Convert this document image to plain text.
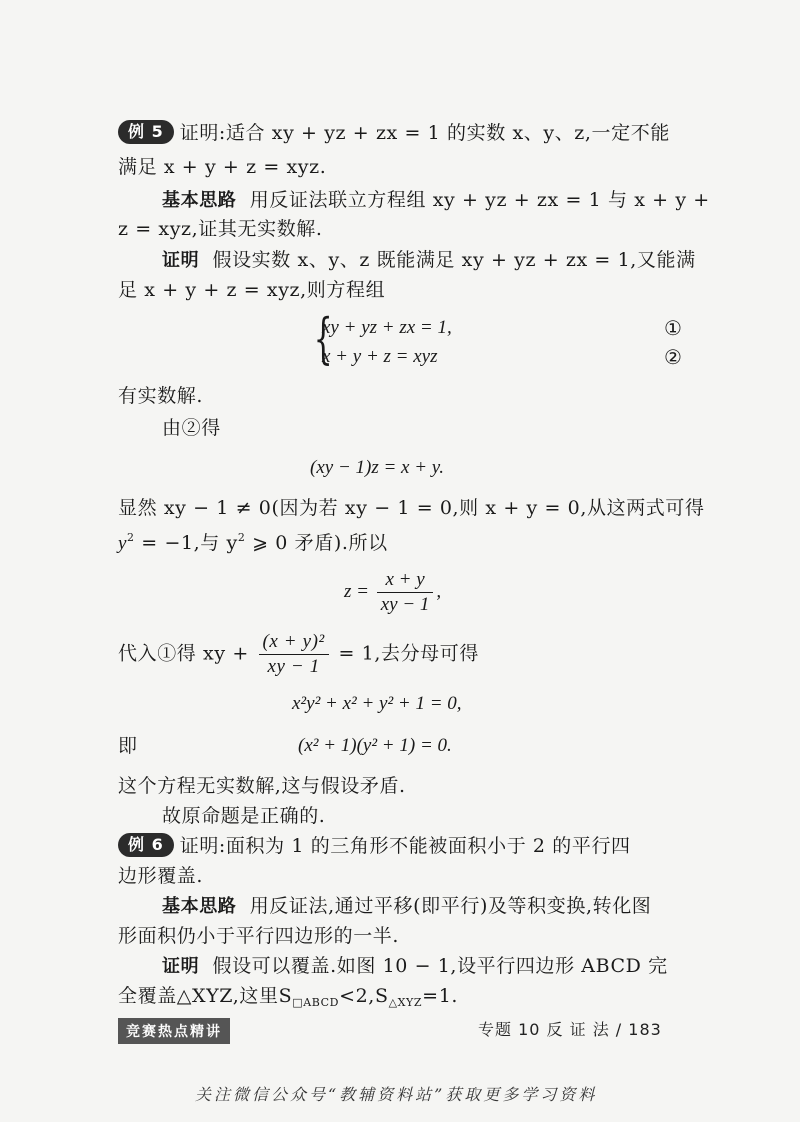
例 5 证明:适合 xy + yz + zx = 1 的实数 x、y、z,一定不能
满足 x + y + z = xyz.
基本思路 用反证法联立方程组 xy + yz + zx = 1 与 x + y +
z = xyz,证其无实数解.
证明 假设实数 x、y、z 既能满足 xy + yz + zx = 1,又能满
足 x + y + z = xyz,则方程组
{
xy + yz + zx = 1,	①
x + y + z = xyz	②
有实数解.
由②得
(xy − 1)z = x + y.
显然 xy − 1 ≠ 0(因为若 xy − 1 = 0,则 x + y = 0,从这两式可得
$y^2 = -1$,与 $y^2$ ⩾ 0 矛盾).所以
$z = \frac{x + y}{xy - 1}$ ,
代入①得 xy + $\frac{\text{(x + y)²}}{xy - 1} = 1$,去分母可得
x²y² + x² + y² + 1 = 0,
即	(x² + 1)(y² + 1) = 0.
这个方程无实数解,这与假设矛盾.
故原命题是正确的.
例 6 证明:面积为 1 的三角形不能被面积小于 2 的平行四
边形覆盖.
基本思路 用反证法,通过平移(即平行)及等积变换,转化图
形面积仍小于平行四边形的一半.
证明 假设可以覆盖.如图 10 − 1,设平行四边形 ABCD 完
全覆盖△XYZ,这里$S_{□ABCD}<2,S_{\triangle XYZ}=1$.
竞赛热点精讲	专题 10 反 证 法 / 183
关注微信公众号“教辅资料站”获取更多学习资料
